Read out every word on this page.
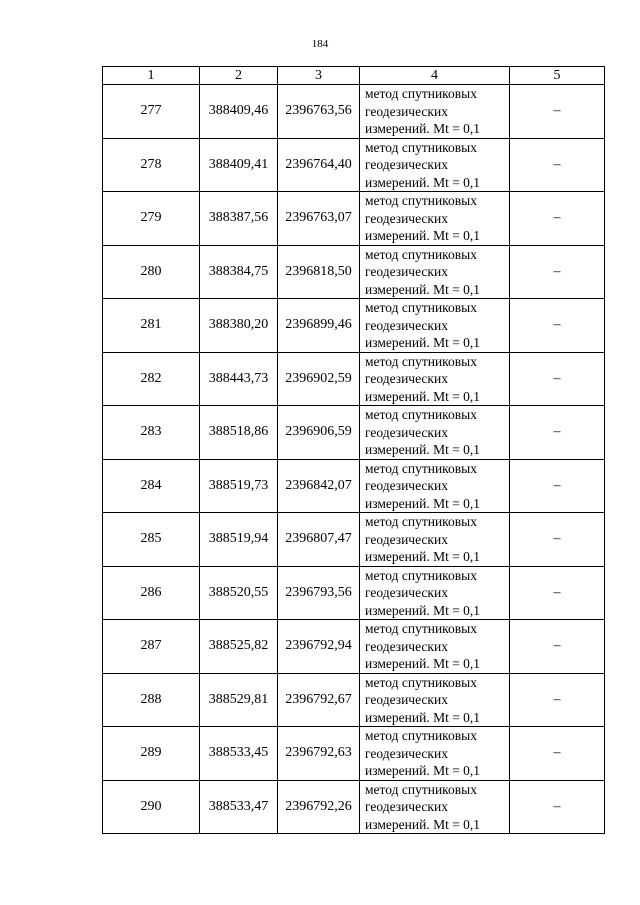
184
1	2	3	4	5
277	388409,46	2396763,56	метод спутниковых геодезических измерений. Mt = 0,1	–
278	388409,41	2396764,40	метод спутниковых геодезических измерений. Mt = 0,1	–
279	388387,56	2396763,07	метод спутниковых геодезических измерений. Mt = 0,1	–
280	388384,75	2396818,50	метод спутниковых геодезических измерений. Mt = 0,1	–
281	388380,20	2396899,46	метод спутниковых геодезических измерений. Mt = 0,1	–
282	388443,73	2396902,59	метод спутниковых геодезических измерений. Mt = 0,1	–
283	388518,86	2396906,59	метод спутниковых геодезических измерений. Mt = 0,1	–
284	388519,73	2396842,07	метод спутниковых геодезических измерений. Mt = 0,1	–
285	388519,94	2396807,47	метод спутниковых геодезических измерений. Mt = 0,1	–
286	388520,55	2396793,56	метод спутниковых геодезических измерений. Mt = 0,1	–
287	388525,82	2396792,94	метод спутниковых геодезических измерений. Mt = 0,1	–
288	388529,81	2396792,67	метод спутниковых геодезических измерений. Mt = 0,1	–
289	388533,45	2396792,63	метод спутниковых геодезических измерений. Mt = 0,1	–
290	388533,47	2396792,26	метод спутниковых геодезических измерений. Mt = 0,1	–
